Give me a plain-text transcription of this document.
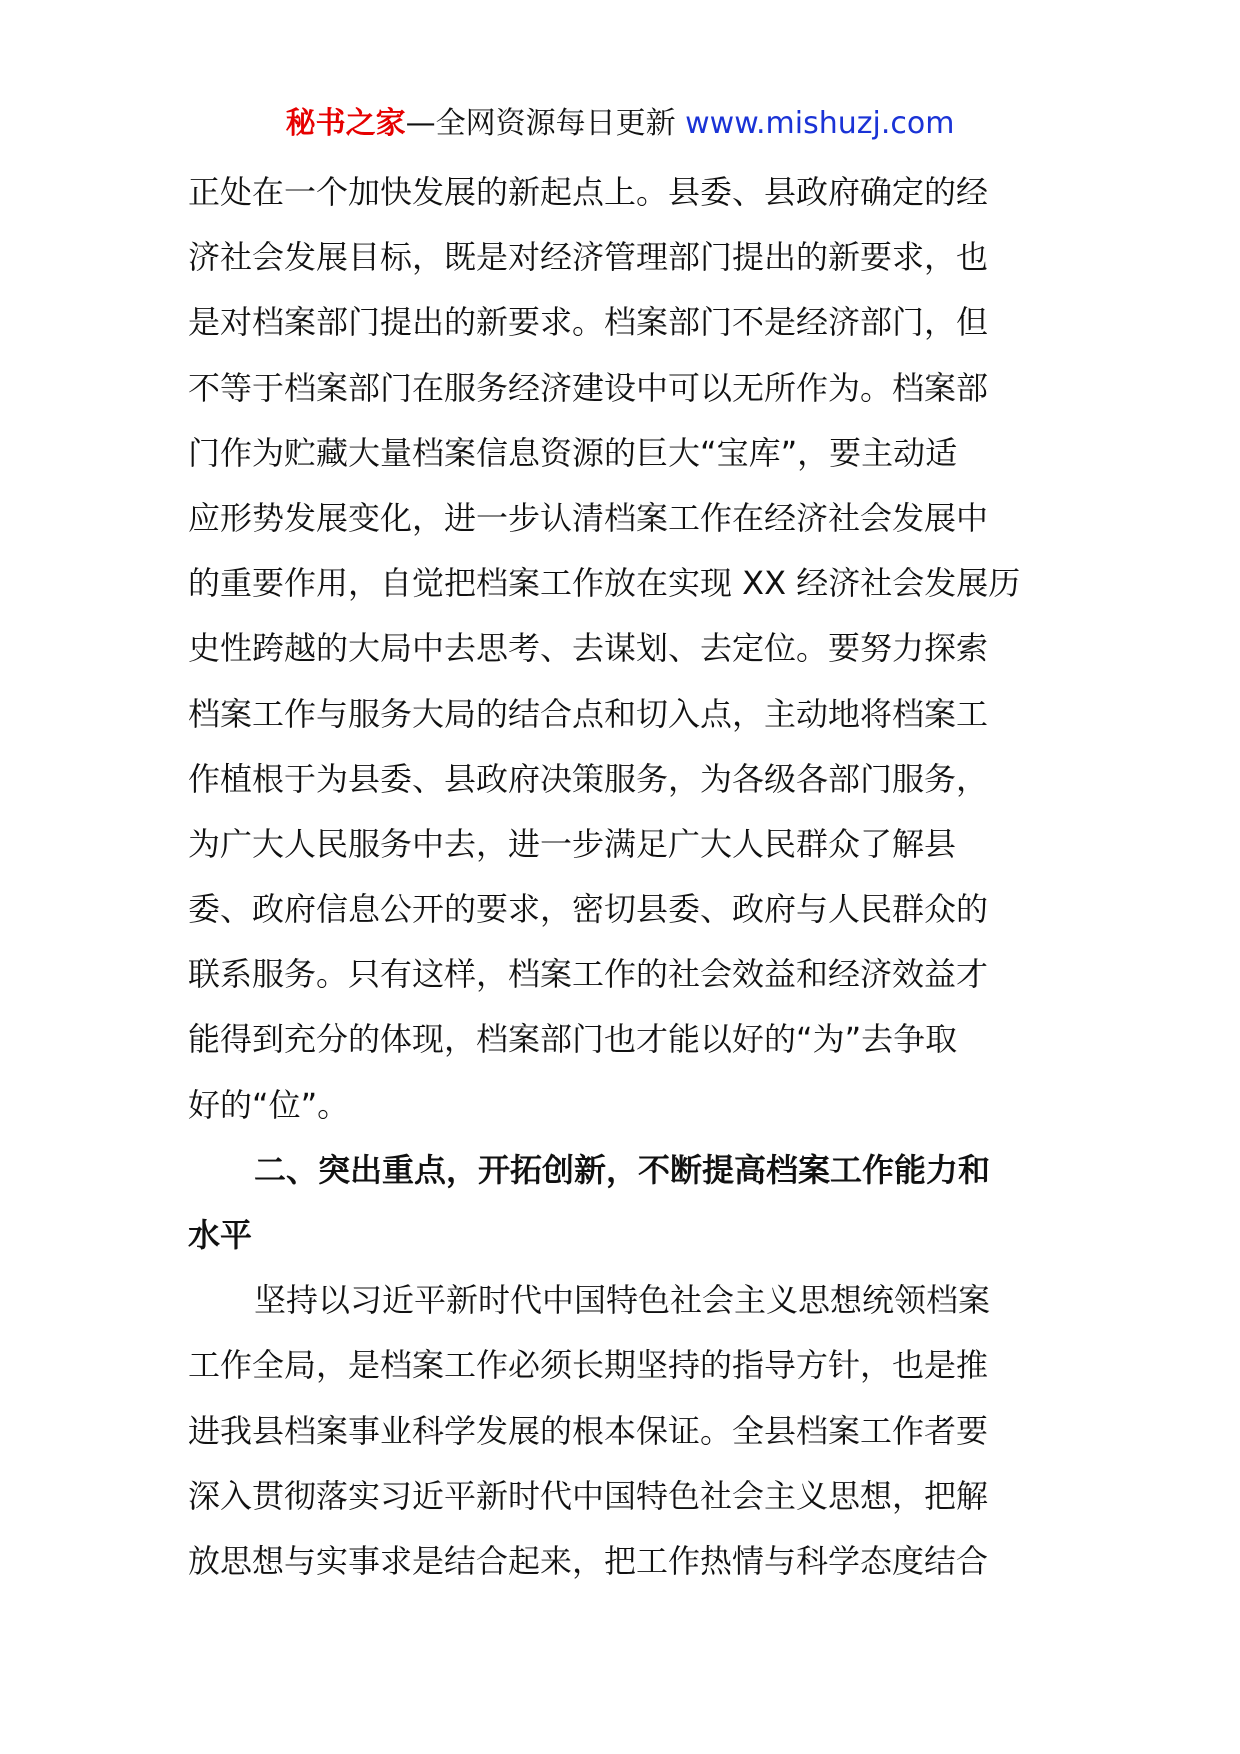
秘书之家—全网资源每日更新 www.mishuzj.com
正处在一个加快发展的新起点上。县委、县政府确定的经
济社会发展目标，既是对经济管理部门提出的新要求，也
是对档案部门提出的新要求。档案部门不是经济部门，但
不等于档案部门在服务经济建设中可以无所作为。档案部
门作为贮藏大量档案信息资源的巨大“宝库”，要主动适
应形势发展变化，进一步认清档案工作在经济社会发展中
的重要作用，自觉把档案工作放在实现 XX 经济社会发展历
史性跨越的大局中去思考、去谋划、去定位。要努力探索
档案工作与服务大局的结合点和切入点，主动地将档案工
作植根于为县委、县政府决策服务，为各级各部门服务，
为广大人民服务中去，进一步满足广大人民群众了解县
委、政府信息公开的要求，密切县委、政府与人民群众的
联系服务。只有这样，档案工作的社会效益和经济效益才
能得到充分的体现，档案部门也才能以好的“为”去争取
好的“位”。
二、突出重点，开拓创新，不断提高档案工作能力和
水平
坚持以习近平新时代中国特色社会主义思想统领档案
工作全局，是档案工作必须长期坚持的指导方针，也是推
进我县档案事业科学发展的根本保证。全县档案工作者要
深入贯彻落实习近平新时代中国特色社会主义思想，把解
放思想与实事求是结合起来，把工作热情与科学态度结合
